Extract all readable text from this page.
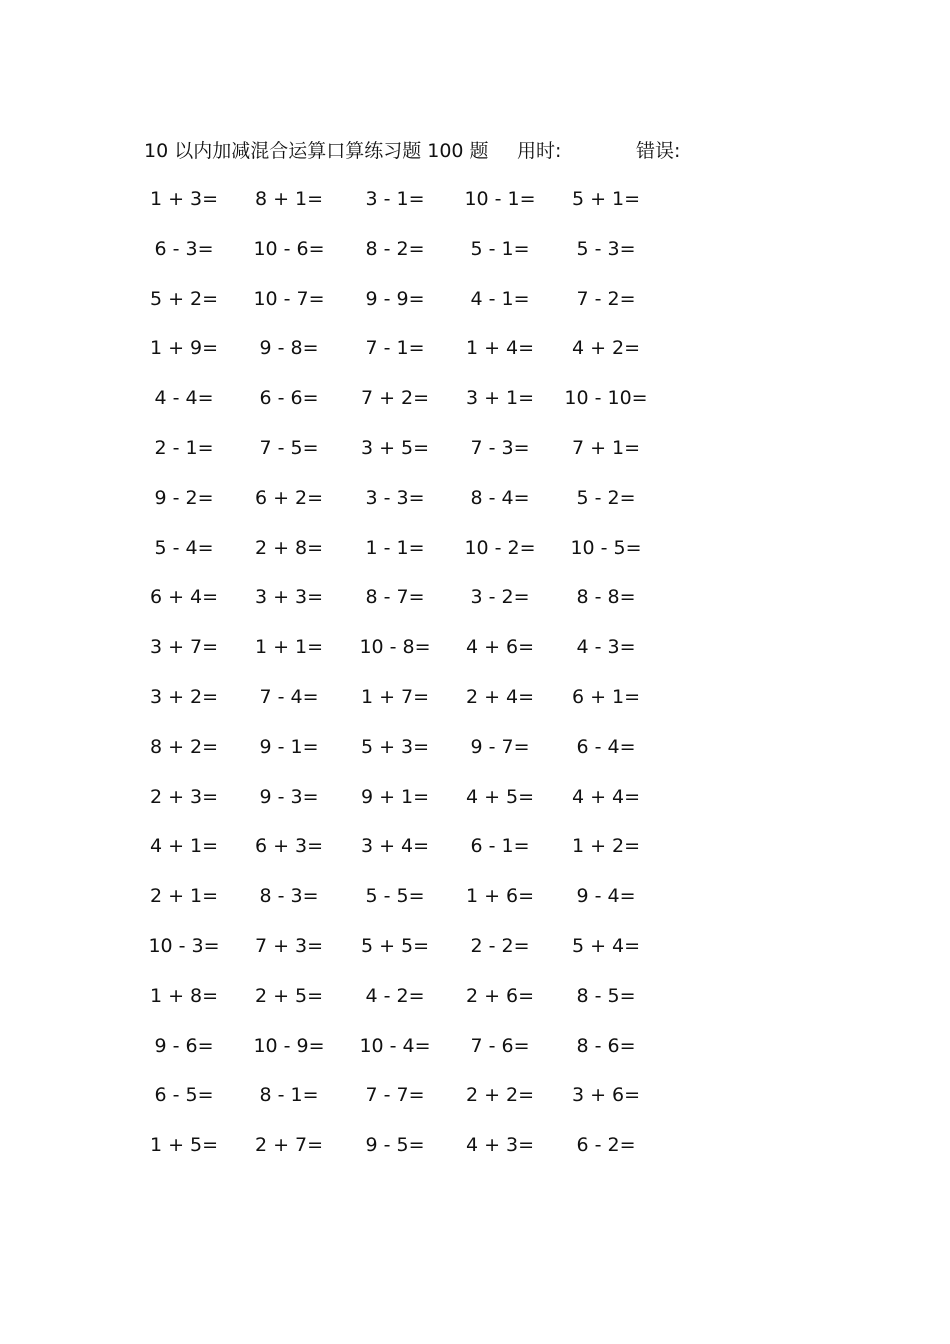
10 以内加减混合运算口算练习题 100 题 用时:	错误:
1 + 3=	8 + 1=	3 - 1=	10 - 1=	5 + 1=
6 - 3=	10 - 6=	8 - 2=	5 - 1=	5 - 3=
5 + 2=	10 - 7=	9 - 9=	4 - 1=	7 - 2=
1 + 9=	9 - 8=	7 - 1=	1 + 4=	4 + 2=
4 - 4=	6 - 6=	7 + 2=	3 + 1=	10 - 10=
2 - 1=	7 - 5=	3 + 5=	7 - 3=	7 + 1=
9 - 2=	6 + 2=	3 - 3=	8 - 4=	5 - 2=
5 - 4=	2 + 8=	1 - 1=	10 - 2=	10 - 5=
6 + 4=	3 + 3=	8 - 7=	3 - 2=	8 - 8=
3 + 7=	1 + 1=	10 - 8=	4 + 6=	4 - 3=
3 + 2=	7 - 4=	1 + 7=	2 + 4=	6 + 1=
8 + 2=	9 - 1=	5 + 3=	9 - 7=	6 - 4=
2 + 3=	9 - 3=	9 + 1=	4 + 5=	4 + 4=
4 + 1=	6 + 3=	3 + 4=	6 - 1=	1 + 2=
2 + 1=	8 - 3=	5 - 5=	1 + 6=	9 - 4=
10 - 3=	7 + 3=	5 + 5=	2 - 2=	5 + 4=
1 + 8=	2 + 5=	4 - 2=	2 + 6=	8 - 5=
9 - 6=	10 - 9=	10 - 4=	7 - 6=	8 - 6=
6 - 5=	8 - 1=	7 - 7=	2 + 2=	3 + 6=
1 + 5=	2 + 7=	9 - 5=	4 + 3=	6 - 2=
